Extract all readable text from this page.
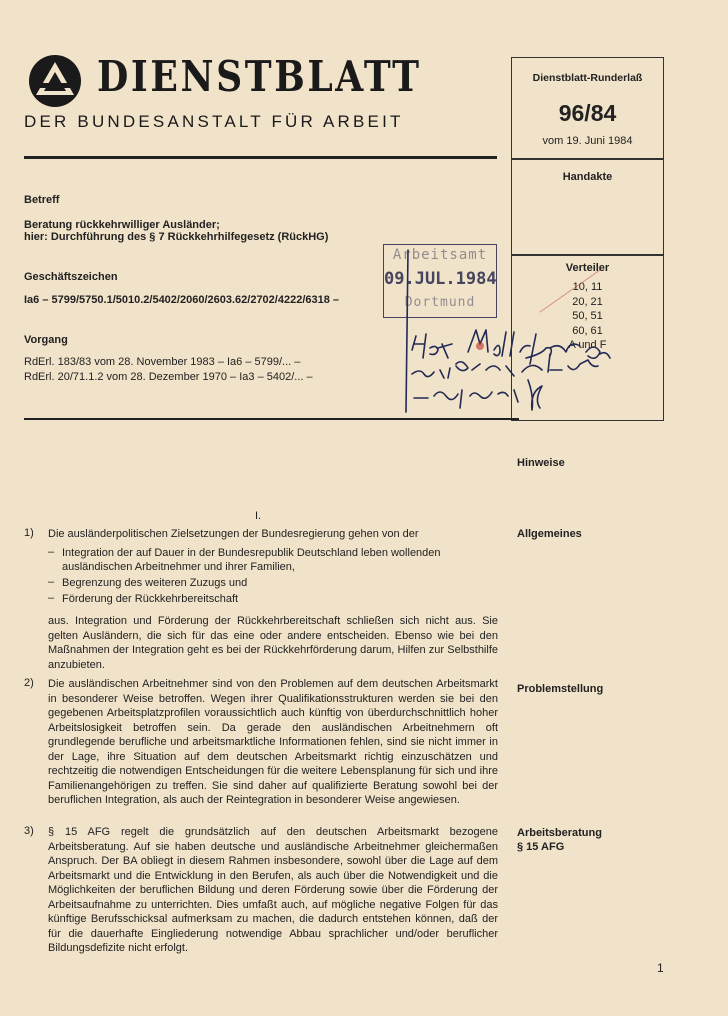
DIENSTBLATT
DER BUNDESANSTALT FÜR ARBEIT
Dienstblatt-Runderlaß
96/84
vom 19. Juni 1984
Handakte
Verteiler
10, 11
20, 21
50, 51
60, 61
A und F
Betreff
Beratung rückkehrwilliger Ausländer;
hier: Durchführung des § 7 Rückkehrhilfegesetz (RückHG)
Geschäftszeichen
Ia6 – 5799/5750.1/5010.2/5402/2060/2603.62/2702/4222/6318 –
Vorgang
RdErl. 183/83 vom 28. November 1983 – Ia6 – 5799/... –
RdErl. 20/71.1.2 vom 28. Dezember 1970 – Ia3 – 5402/... –
Arbeitsamt
09.JUL.1984
Dortmund
Hinweise
I.
1) Die ausländerpolitischen Zielsetzungen der Bundesregierung gehen von der	Allgemeines
– Integration der auf Dauer in der Bundesrepublik Deutschland leben wollenden ausländischen Arbeitnehmer und ihrer Familien,
– Begrenzung des weiteren Zuzugs und
– Förderung der Rückkehrbereitschaft
aus. Integration und Förderung der Rückkehrbereitschaft schließen sich nicht aus. Sie gelten Ausländern, die sich für das eine oder andere entscheiden. Ebenso wie bei den Maßnahmen der Integration geht es bei der Rückkehrförderung darum, Hilfen zur Selbsthilfe anzubieten.
2) Die ausländischen Arbeitnehmer sind von den Problemen auf dem deutschen Arbeitsmarkt in besonderer Weise betroffen. Wegen ihrer Qualifikationsstrukturen werden sie bei den gegebenen Arbeitsplatzprofilen voraussichtlich auch künftig von überdurchschnittlich hoher Arbeitslosigkeit betroffen sein. Da gerade den ausländischen Arbeitnehmern oft grundlegende berufliche und arbeitsmarktliche Informationen fehlen, sind sie nicht immer in der Lage, ihre Situation auf dem deutschen Arbeitsmarkt richtig einzuschätzen und rechtzeitig die notwendigen Entscheidungen für die weitere Lebensplanung für sich und ihre Familienangehörigen zu treffen. Sie sind daher auf qualifizierte Beratung sowohl bei der beruflichen Integration, als auch der Reintegration in besonderer Weise angewiesen.
Problemstellung
3) § 15 AFG regelt die grundsätzlich auf den deutschen Arbeitsmarkt bezogene Arbeitsberatung. Auf sie haben deutsche und ausländische Arbeitnehmer gleichermaßen Anspruch. Der BA obliegt in diesem Rahmen insbesondere, sowohl über die Lage auf dem Arbeitsmarkt und die Entwicklung in den Berufen, als auch über die Notwendigkeit und die Möglichkeiten der beruflichen Bildung und deren Förderung sowie über die Förderung der Arbeitsaufnahme zu unterrichten. Dies umfaßt auch, auf mögliche negative Folgen für das künftige Berufsschicksal aufmerksam zu machen, die dadurch entstehen können, daß der für die dauerhafte Eingliederung notwendige Abbau sprachlicher und/oder beruflicher Bildungsdefizite nicht erfolgt.
Arbeitsberatung
§ 15 AFG
1
